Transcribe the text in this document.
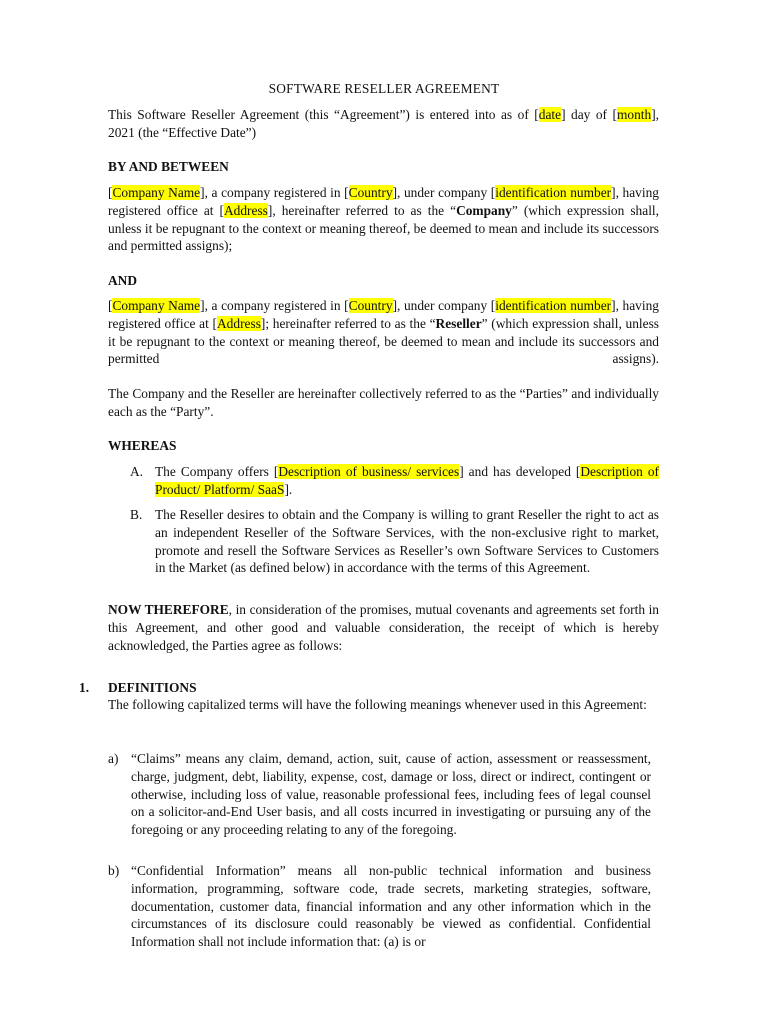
SOFTWARE RESELLER AGREEMENT
This Software Reseller Agreement (this “Agreement”) is entered into as of [date] day of [month], 2021 (the “Effective Date”)
BY AND BETWEEN
[Company Name], a company registered in [Country], under company [identification number], having registered office at [Address], hereinafter referred to as the “Company” (which expression shall, unless it be repugnant to the context or meaning thereof, be deemed to mean and include its successors and permitted assigns);
AND
[Company Name], a company registered in [Country], under company [identification number], having registered office at [Address]; hereinafter referred to as the “Reseller” (which expression shall, unless it be repugnant to the context or meaning thereof, be deemed to mean and include its successors and permitted assigns).
The Company and the Reseller are hereinafter collectively referred to as the “Parties” and individually each as the “Party”.
WHEREAS
A. The Company offers [Description of business/ services] and has developed [Description of Product/ Platform/ SaaS].
B. The Reseller desires to obtain and the Company is willing to grant Reseller the right to act as an independent Reseller of the Software Services, with the non-exclusive right to market, promote and resell the Software Services as Reseller’s own Software Services to Customers in the Market (as defined below) in accordance with the terms of this Agreement.
NOW THEREFORE, in consideration of the promises, mutual covenants and agreements set forth in this Agreement, and other good and valuable consideration, the receipt of which is hereby acknowledged, the Parties agree as follows:
1. DEFINITIONS
The following capitalized terms will have the following meanings whenever used in this Agreement:
a) “Claims” means any claim, demand, action, suit, cause of action, assessment or reassessment, charge, judgment, debt, liability, expense, cost, damage or loss, direct or indirect, contingent or otherwise, including loss of value, reasonable professional fees, including fees of legal counsel on a solicitor-and-End User basis, and all costs incurred in investigating or pursuing any of the foregoing or any proceeding relating to any of the foregoing.
b) “Confidential Information” means all non-public technical information and business information, programming, software code, trade secrets, marketing strategies, software, documentation, customer data, financial information and any other information which in the circumstances of its disclosure could reasonably be viewed as confidential. Confidential Information shall not include information that: (a) is or
